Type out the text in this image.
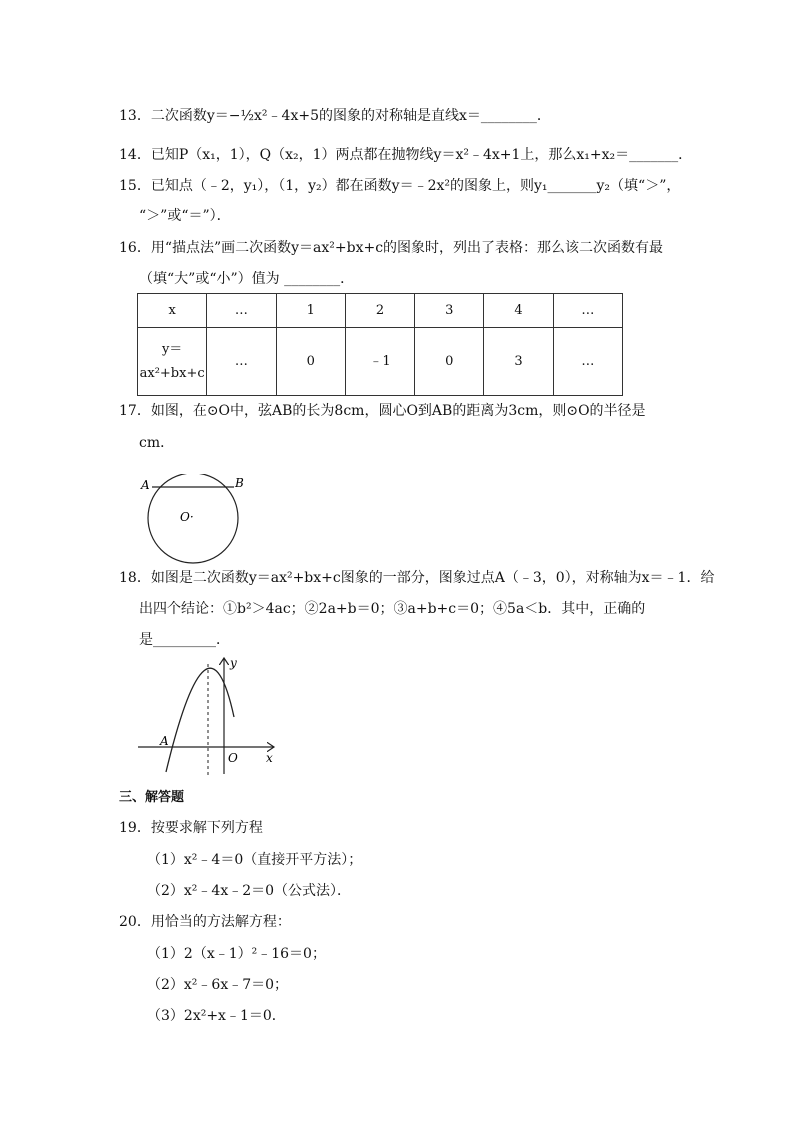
13．二次函数y＝−½x²﹣4x+5的图象的对称轴是直线x＝________．
14．已知P（x₁，1），Q（x₂，1）两点都在抛物线y＝x²﹣4x+1上，那么x₁+x₂＝_______．
15．已知点（﹣2，y₁），（1，y₂）都在函数y＝﹣2x²的图象上，则y₁_______y₂（填“＞”，
“＞”或“＝”）．
16．用“描点法”画二次函数y＝ax²+bx+c的图象时，列出了表格：那么该二次函数有最
（填“大”或“小”）值为 ________．
x	…	1	2	3	4	…

y＝
ax²+bx+c	…	0	﹣1	0	3	…
17．如图，在⊙O中，弦AB的长为8cm，圆心O到AB的距离为3cm，则⊙O的半径是
cm．
A	B
O·
18．如图是二次函数y＝ax²+bx+c图象的一部分，图象过点A（﹣3，0），对称轴为x＝﹣1．给
出四个结论：①b²＞4ac；②2a+b＝0；③a+b+c＝0；④5a＜b．其中，正确的
是_________．
y
x
A
O
三、解答题
19．按要求解下列方程
（1）x²﹣4＝0（直接开平方法）；
（2）x²﹣4x﹣2＝0（公式法）．
20．用恰当的方法解方程：
（1）2（x﹣1）²﹣16＝0；
（2）x²﹣6x﹣7＝0；
（3）2x²+x﹣1＝0．
